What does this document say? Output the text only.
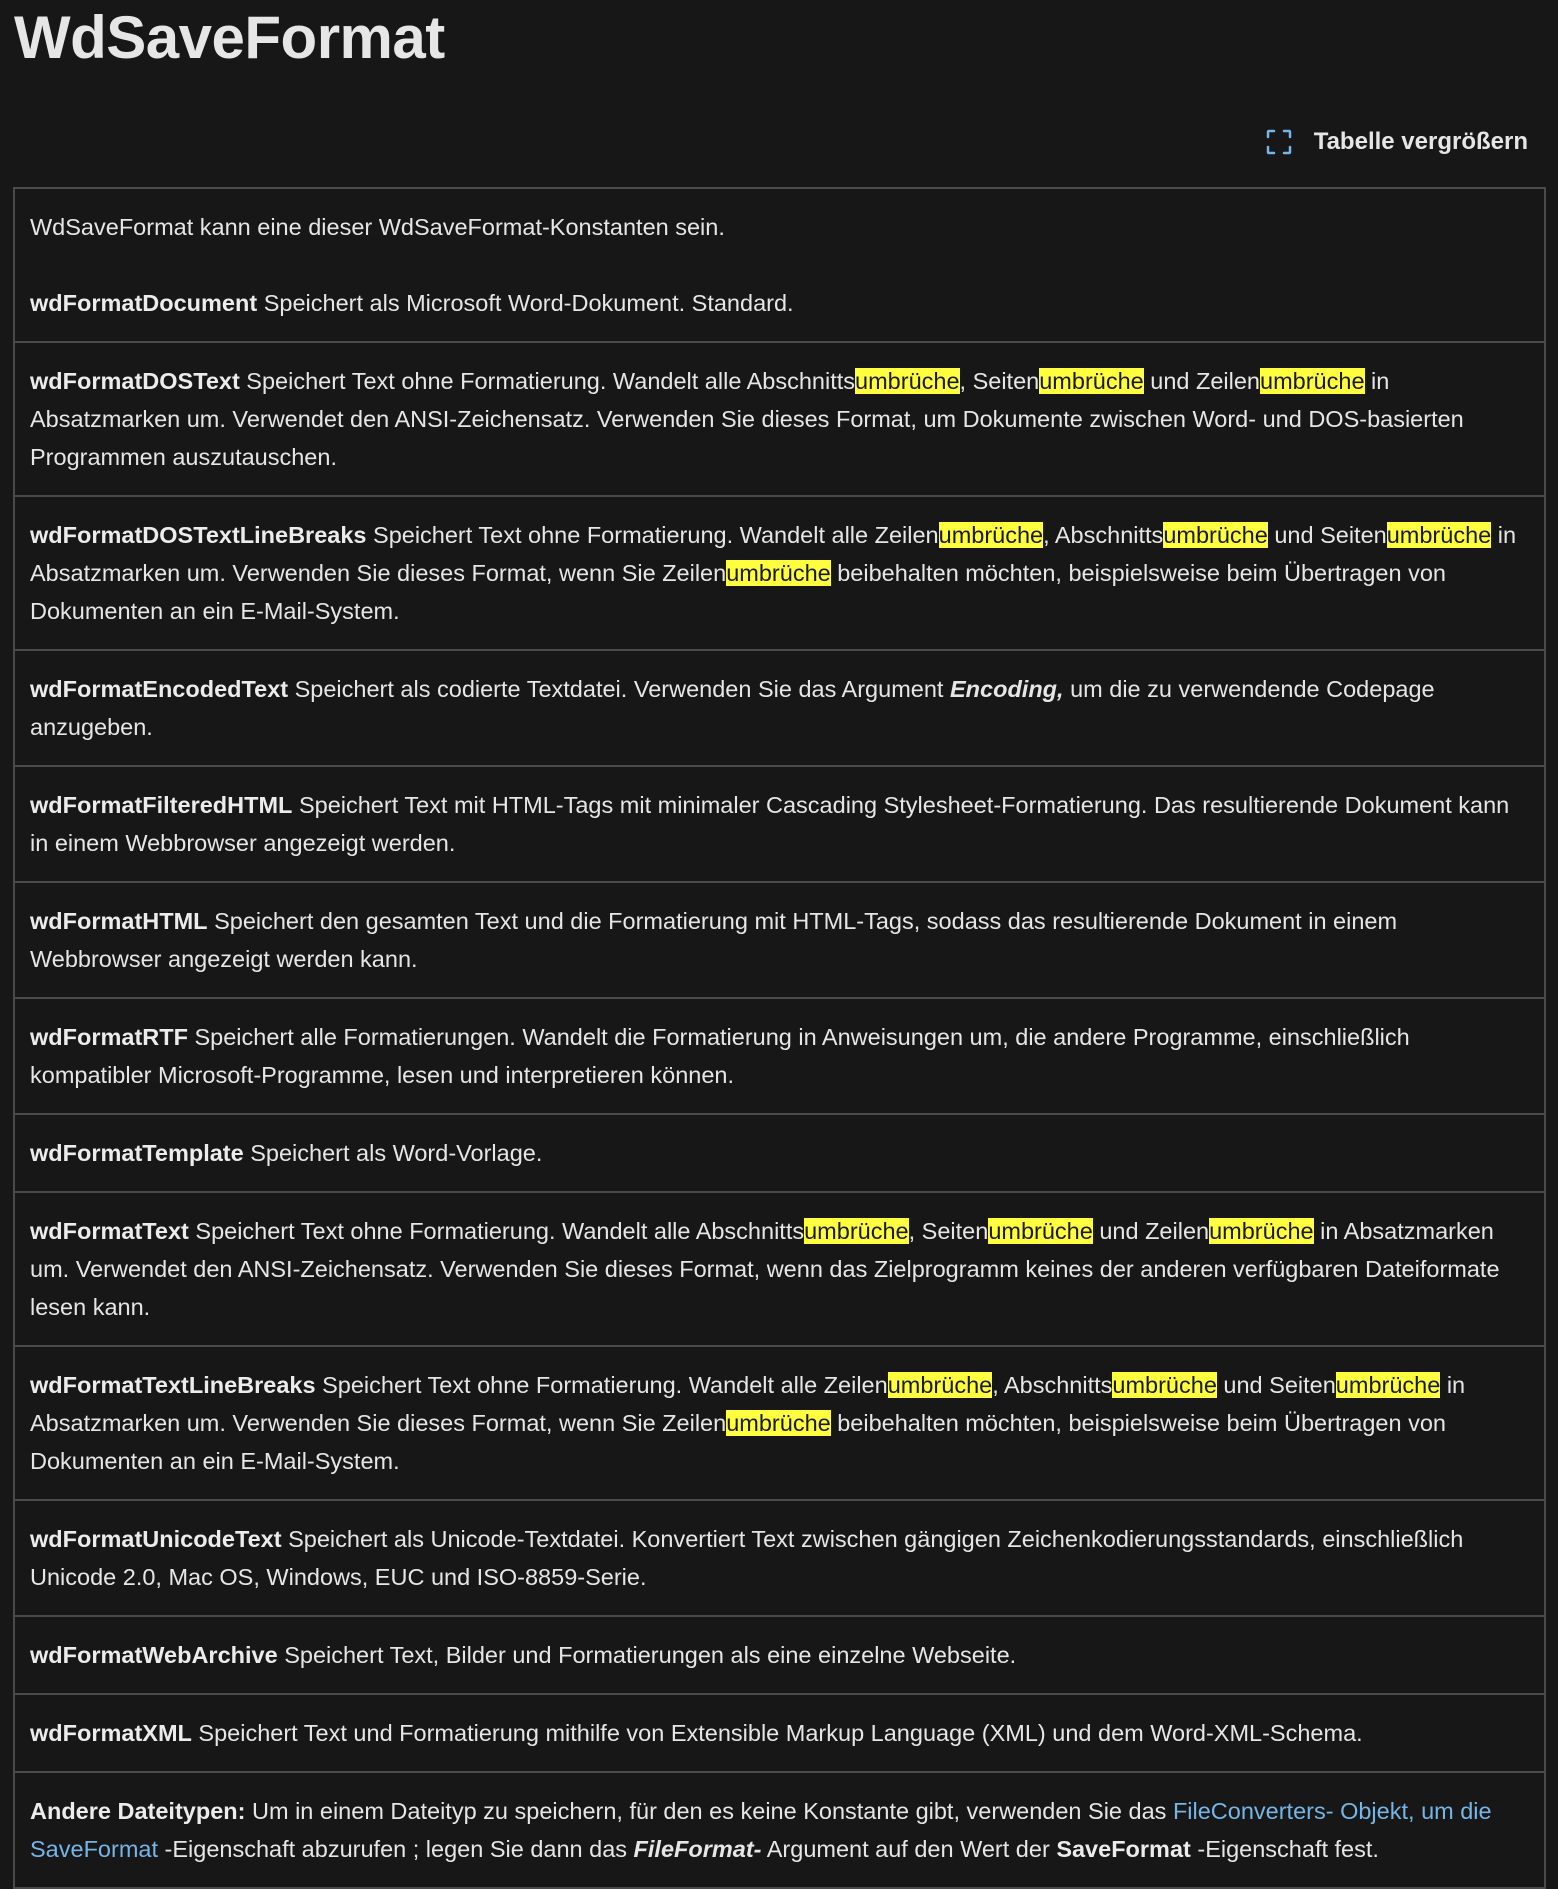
WdSaveFormat
Tabelle vergrößern
WdSaveFormat kann eine dieser WdSaveFormat-Konstanten sein.
wdFormatDocument Speichert als Microsoft Word-Dokument. Standard.
wdFormatDOSText Speichert Text ohne Formatierung. Wandelt alle Abschnittsumbrüche, Seitenumbrüche und Zeilenumbrüche in Absatzmarken um. Verwendet den ANSI-Zeichensatz. Verwenden Sie dieses Format, um Dokumente zwischen Word- und DOS-basierten Programmen auszutauschen.
wdFormatDOSTextLineBreaks Speichert Text ohne Formatierung. Wandelt alle Zeilenumbrüche, Abschnittsumbrüche und Seitenumbrüche in Absatzmarken um. Verwenden Sie dieses Format, wenn Sie Zeilenumbrüche beibehalten möchten, beispielsweise beim Übertragen von Dokumenten an ein E-Mail-System.
wdFormatEncodedText Speichert als codierte Textdatei. Verwenden Sie das Argument Encoding, um die zu verwendende Codepage anzugeben.
wdFormatFilteredHTML Speichert Text mit HTML-Tags mit minimaler Cascading Stylesheet-Formatierung. Das resultierende Dokument kann in einem Webbrowser angezeigt werden.
wdFormatHTML Speichert den gesamten Text und die Formatierung mit HTML-Tags, sodass das resultierende Dokument in einem Webbrowser angezeigt werden kann.
wdFormatRTF Speichert alle Formatierungen. Wandelt die Formatierung in Anweisungen um, die andere Programme, einschließlich kompatibler Microsoft-Programme, lesen und interpretieren können.
wdFormatTemplate Speichert als Word-Vorlage.
wdFormatText Speichert Text ohne Formatierung. Wandelt alle Abschnittsumbrüche, Seitenumbrüche und Zeilenumbrüche in Absatzmarken um. Verwendet den ANSI-Zeichensatz. Verwenden Sie dieses Format, wenn das Zielprogramm keines der anderen verfügbaren Dateiformate lesen kann.
wdFormatTextLineBreaks Speichert Text ohne Formatierung. Wandelt alle Zeilenumbrüche, Abschnittsumbrüche und Seitenumbrüche in Absatzmarken um. Verwenden Sie dieses Format, wenn Sie Zeilenumbrüche beibehalten möchten, beispielsweise beim Übertragen von Dokumenten an ein E-Mail-System.
wdFormatUnicodeText Speichert als Unicode-Textdatei. Konvertiert Text zwischen gängigen Zeichenkodierungsstandards, einschließlich Unicode 2.0, Mac OS, Windows, EUC und ISO-8859-Serie.
wdFormatWebArchive Speichert Text, Bilder und Formatierungen als eine einzelne Webseite.
wdFormatXML Speichert Text und Formatierung mithilfe von Extensible Markup Language (XML) und dem Word-XML-Schema.
Andere Dateitypen: Um in einem Dateityp zu speichern, für den es keine Konstante gibt, verwenden Sie das FileConverters- Objekt, um die SaveFormat -Eigenschaft abzurufen ; legen Sie dann das FileFormat- Argument auf den Wert der SaveFormat -Eigenschaft fest.
